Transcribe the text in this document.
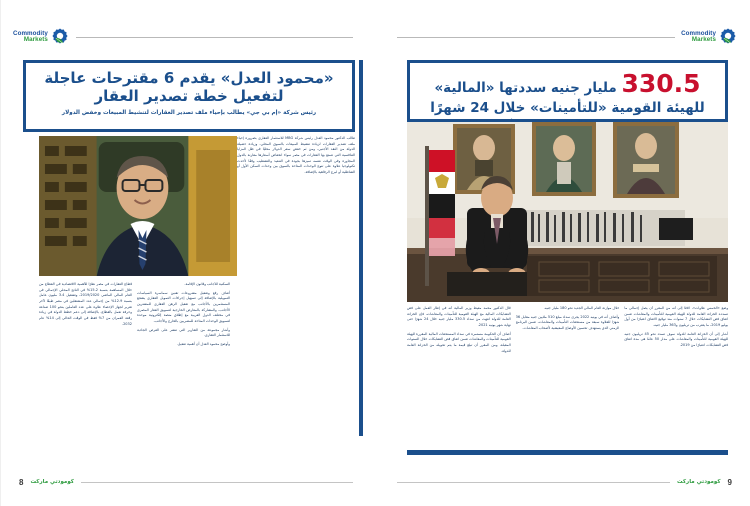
Commodity
Markets
330.5 مليار جنيه سددتها «المالية»
للهيئة القومية «للتأمينات» خلال 24 شهرًا

قال الدكتور محمد معيط وزير المالية أنه في إطار العمل على فض التشابكات المالية مع الهيئة القومية للتأمينات والمعاشات، فإن الخزانة العامة للدولة انتهت من سداد 330.5 مليار جنيه خلال 24 شهرًا حتى نهاية شهر يونيه 2021.

أضاف أن الحكومة مستمرة في سداد المستحقات المالية المقررة للهيئة القومية للتأمينات والمعاشات ضمن اتفاق فض التشابكات خلال السنوات المقبلة، ومن المقرر أن تبلغ قيمة ما يتم تحويله من الخزانة العامة للدولة.

خلال موازنة العام المالي الجديد نحو 180 مليار جنيه.

وأضاف أنه في يونيه 2022 يجرى سداد مبلغ 510 ملايين جنيه مقابل 36 شهرًا للعلاوة سبعة من مستحقات التأمينات والمعاشات، ضمن البرنامج الزمني الذي يستهدف تحسين الأوضاع المعيشية لأصحاب المعاشات.

وضع «الخمس علاوات»، لافتًا إلى أنه من المقرر أن يصل إجمالي ما تسدده الخزانة العامة للدولة للهيئة القومية للتأمينات والمعاشات ضمن اتفاق فض التشابكات خلال 7 سنوات منذ توقيع الاتفاق اعتبارًا من أول يوليو 2019، ما يقترب من تريليون و363 مليار جنيه.

أشار إلى أن الخزانة العامة للدولة سوف تسدد نحو 45 تريليون جنيه للهيئة القومية للتأمينات والمعاشات على مدار 50 عامًا هى مدة اتفاق فض التشابكات اعتبارًا من 2019.

9
كومودتي ماركت
Commodity
Markets
«محمود العدل» يقدم 6 مقترحات عاجلة
لتفعيل خطة تصدير العقار

رئيس شركة «إم بي جي» يطالب بإحياء ملف تصدير العقارات لتنشيط المبيعات وخفض الدولار

طالب الدكتور محمود العدل رئيس شركة MBG للاستثمار العقاري بضرورة إحياء ملف تصدير العقارات لزيادة تنشيط المبيعات بالسوق المحلي، وزيادة حصيلة الدولة من النقد الأجنبي، ومن ثم خفض سعر الدولار محليًا في ظل المزايا التنافسية التي تتمتع بها العقارات في مصر سواء انخفاض أسعارها مقارنة بالدول المجاورة وفي الوقت نفسه تميزها بجودة في التنفيذ والتشطيب وفقًا لأحدث تكنولوجيا علاوة على تنوع الوحدات المتاحة بالسوق بين وحدات السكن الأول أو الشاطئية أو لبرج الرفاهية بالإضافة.

قطاع العقارات في مصر نظرًا للأهمية الاقتصادية في القطاع من خلال المساهمة بنسبة 15.2% في الناتج المحلي الإجمالي في العام المالي الماضي 2019/2020، وتشغيل 3.4 مليون عامل بنسبة 12.9% من إجمالي عدد المشتغلين في مصر طبقًا لآخر تقرير لجهاز الإحصاء علاوة على عدد العاملين بنحو 100 صناعة وحرفة تعمل بالقطاع، بالإضافة إلى دعم خطط الدولة في زيادة رقعة العمران من 7% فقط في الوقت الحالي إلى 14% عام 2032.

السكنية للأجانب وقانون الإقامة.

أضاف رفع وتفعيل مشروعات تقنين سماسرة السياسات التمويلية بالإضافة إلى تسهيل إجراءات التمويل العقاري يشجع المستثمرين بالأجانب مع تفعيل الرهن العقاري للمشترين الأجانب، والمشاركة بالمعارض الخارجية لتسويق العقار المصري في مختلف الدول العربية مع إطلاق منصة إلكترونية موحدة لتسويق الوحدات المتاحة للمصريين بالخارج والأجانب.

وأشار مجموعة من التقارير التي تنشر على الفرص الجاذبة للاستثمار العقاري.

وأوضح محمود العدل أن أهمية تفعيل.

8 كومودتي ماركت
